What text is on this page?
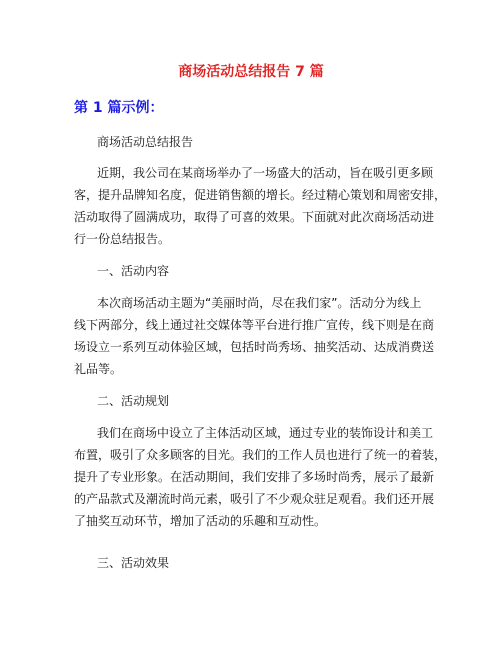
商场活动总结报告 7 篇
第 1 篇示例：
商场活动总结报告
近期，我公司在某商场举办了一场盛大的活动，旨在吸引更多顾
客，提升品牌知名度，促进销售额的增长。经过精心策划和周密安排，
活动取得了圆满成功，取得了可喜的效果。下面就对此次商场活动进
行一份总结报告。
一、活动内容
本次商场活动主题为“美丽时尚，尽在我们家”。活动分为线上
线下两部分，线上通过社交媒体等平台进行推广宣传，线下则是在商
场设立一系列互动体验区域，包括时尚秀场、抽奖活动、达成消费送
礼品等。
二、活动规划
我们在商场中设立了主体活动区域，通过专业的装饰设计和美工
布置，吸引了众多顾客的目光。我们的工作人员也进行了统一的着装，
提升了专业形象。在活动期间，我们安排了多场时尚秀，展示了最新
的产品款式及潮流时尚元素，吸引了不少观众驻足观看。我们还开展
了抽奖互动环节，增加了活动的乐趣和互动性。
三、活动效果
